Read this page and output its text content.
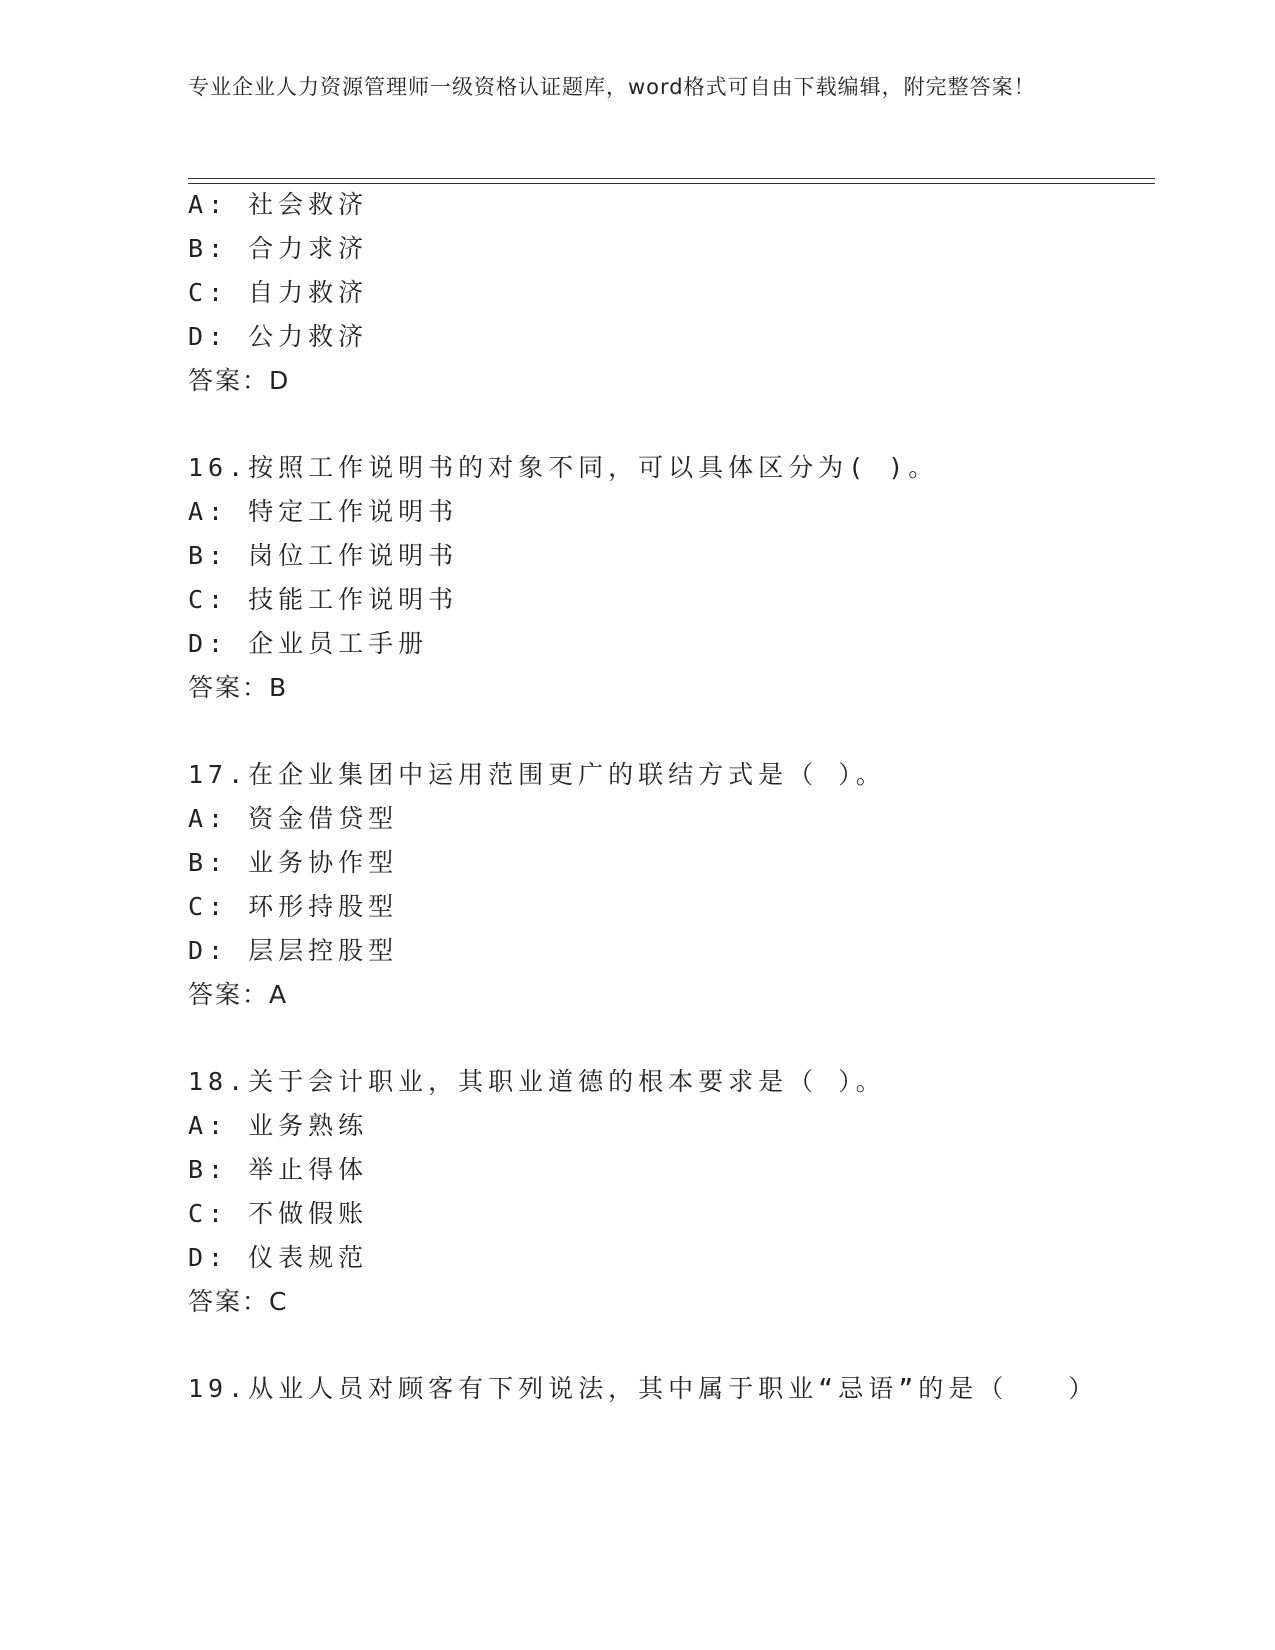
专业企业人力资源管理师一级资格认证题库，word格式可自由下载编辑，附完整答案！
A: 社会救济
B: 合力求济
C: 自力救济
D: 公力救济
答案：D
16.按照工作说明书的对象不同，可以具体区分为( )。
A: 特定工作说明书
B: 岗位工作说明书
C: 技能工作说明书
D: 企业员工手册
答案：B
17.在企业集团中运用范围更广的联结方式是（ ）。
A: 资金借贷型
B: 业务协作型
C: 环形持股型
D: 层层控股型
答案：A
18.关于会计职业，其职业道德的根本要求是（ ）。
A: 业务熟练
B: 举止得体
C: 不做假账
D: 仪表规范
答案：C
19.从业人员对顾客有下列说法，其中属于职业“忌语”的是（　　）
